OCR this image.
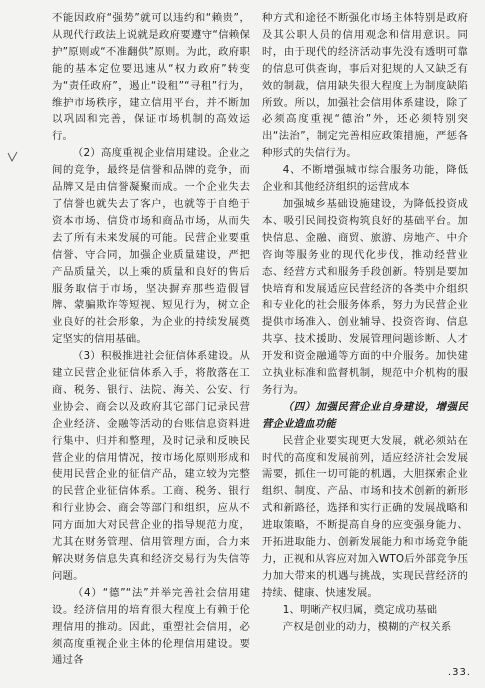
不能因政府“强势”就可以违约和“赖贵”，从现代行政法上说就是政府要遵守“信赖保护”原则或“不准翻供”原则。为此，政府职能的基本定位要迅速从“权力政府”转变为“责任政府”，遏止“设租”“寻租”行为，维护市场秩序，建立信用平台，并不断加以巩固和完善，保证市场机制的高效运行。

（2）高度重视企业信用建设。企业之间的竞争，最终是信誉和品牌的竞争，而品牌又是由信誉凝聚而成。一个企业失去了信誉也就失去了客户，也就等于自绝于资本市场、信贷市场和商品市场，从而失去了所有未来发展的可能。民营企业要重信誉、守合同，加强企业质量建设，严把产品质量关，以上乘的质量和良好的售后服务取信于市场，坚决摒弃那些造假冒牌、蒙骗欺诈等短视、短见行为，树立企业良好的社会形象，为企业的持续发展奠定坚实的信用基础。

（3）积极推进社会征信体系建设。从建立民营企业征信体系入手，将散落在工商、税务、银行、法院、海关、公安、行业协会、商会以及政府其它部门记录民营企业经济、金融等活动的台账信息资料进行集中、归并和整理，及时记录和反映民营企业的信用情况，按市场化原则形成和使用民营企业的征信产品，建立较为完整的民营企业征信体系。工商、税务、银行和行业协会、商会等部门和组织，应从不同方面加大对民营企业的指导规范力度，尤其在财务管理、信用管理方面，合力来解决财务信息失真和经济交易行为失信等问题。

（4）“德”“法”并举完善社会信用建设。经济信用的培育很大程度上有赖于伦理信用的推动。因此，重塑社会信用，必须高度重视企业主体的伦理信用建设。要通过各

种方式和途径不断强化市场主体特别是政府及其公职人员的信用观念和信用意识。同时，由于现代的经济活动事先没有透明可靠的信息可供查询，事后对犯规的人又缺乏有效的制裁，信用缺失很大程度上为制度缺陷所致。所以，加强社会信用体系建设，除了必须高度重视“德治”外，还必须特别突出“法治”，制定完善相应政策措施，严惩各种形式的失信行为。

4、不断增强城市综合服务功能，降低企业和其他经济组织的运营成本

加强城乡基础设施建设，为降低投资成本、吸引民间投资构筑良好的基础平台。加快信息、金融、商贸、旅游、房地产、中介咨询等服务业的现代化步伐，推动经营业态、经营方式和服务手段创新。特别是要加快培育和发展适应民营经济的各类中介组织和专业化的社会服务体系，努力为民营企业提供市场准入、创业辅导、投资咨询、信息共享、技术援助、发展管理问题诊断、人才开发和资金融通等方面的中介服务。加快建立执业标准和监督机制，规范中介机构的服务行为。

（四）加强民营企业自身建设，增强民营企业造血功能

民营企业要实现更大发展，就必须站在时代的高度和发展前列，适应经济社会发展需要，抓住一切可能的机遇，大胆探索企业组织、制度、产品、市场和技术创新的新形式和新路径，选择和实行正确的发展战略和进取策略，不断提高自身的应变强身能力、开拓进取能力、创新发展能力和市场竞争能力，正视和从容应对加入WTO后外部竞争压力加大带来的机遇与挑战，实现民营经济的持续、健康、快速发展。

1、明晰产权归属，奠定成功基础

产权是创业的动力，模糊的产权关系

.33.
